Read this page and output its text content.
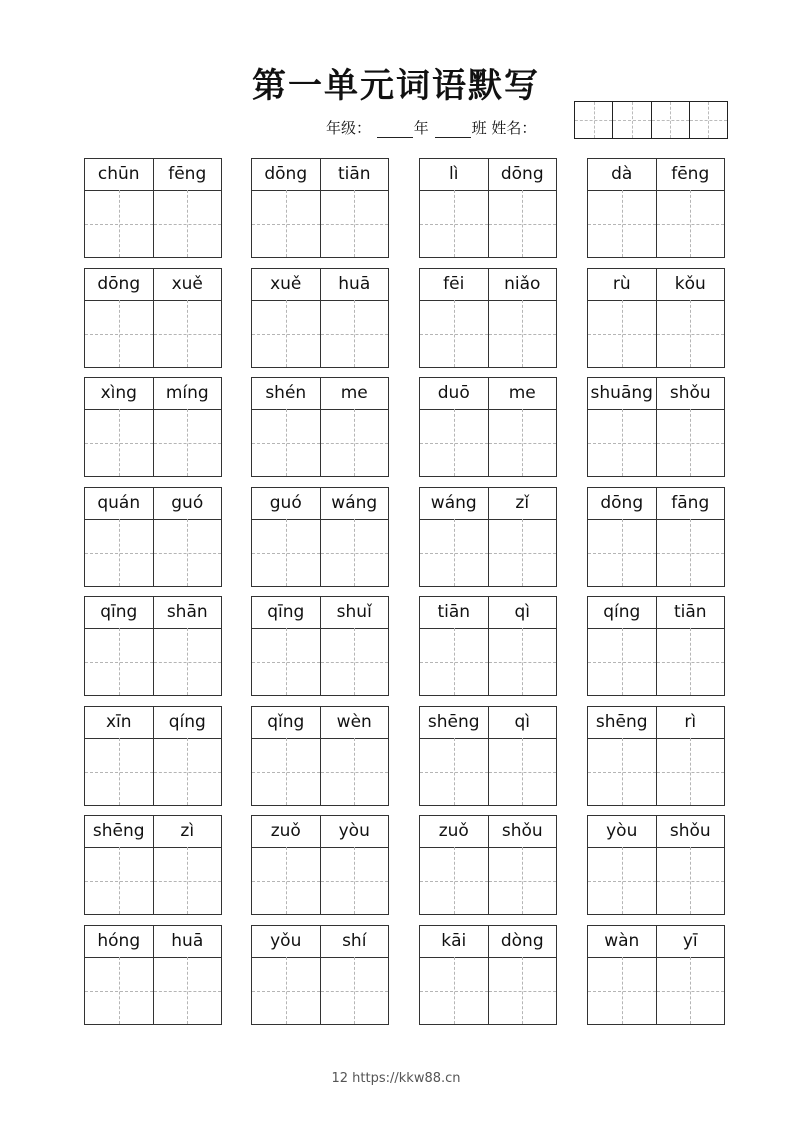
第一单元词语默写
年级：	年	班 姓名：
chūn	fēng	dōng	tiān	lì	dōng	dà	fēng
dōng	xuě	xuě	huā	fēi	niǎo	rù	kǒu
xìng	míng	shén	me	duō	me	shuāng shǒu
quán	guó	guó	wáng	wáng	zǐ	dōng	fāng
qīng	shān	qīng	shuǐ	tiān	qì	qíng	tiān
xīn	qíng	qǐng	wèn	shēng	qì	shēng	rì
shēng	zì	zuǒ	yòu	zuǒ	shǒu	yòu	shǒu
hóng	huā	yǒu	shí	kāi	dòng	wàn	yī
12 https://kkw88.cn
